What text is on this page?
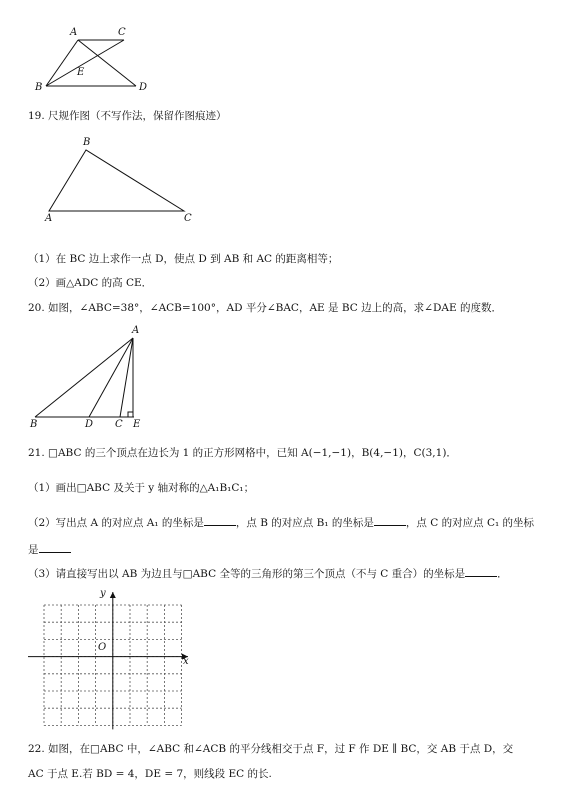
A	C
B
E
D
19. 尺规作图（不写作法，保留作图痕迹）
B
A	C
（1）在 BC 边上求作一点 D，使点 D 到 AB 和 AC 的距离相等；
（2）画△ADC 的高 CE．
20. 如图，∠ABC=38°，∠ACB=100°，AD 平分∠BAC，AE 是 BC 边上的高，求∠DAE 的度数．
A
B	D C E
21. □ABC 的三个顶点在边长为 1 的正方形网格中，已知 A(−1,−1)，B(4,−1)，C(3,1)．
（1）画出□ABC 及关于 y 轴对称的△A₁B₁C₁；
（2）写出点 A 的对应点 A₁ 的坐标是	，点 B 的对应点 B₁ 的坐标是	，点 C 的对应点 C₁ 的坐标
是
（3）请直接写出以 AB 为边且与□ABC 全等的三角形的第三个顶点（不与 C 重合）的坐标是	．
y
x
O
22. 如图，在□ABC 中，∠ABC 和∠ACB 的平分线相交于点 F，过 F 作 DE ∥ BC，交 AB 于点 D，交
AC 于点 E.若 BD = 4，DE = 7，则线段 EC 的长.
